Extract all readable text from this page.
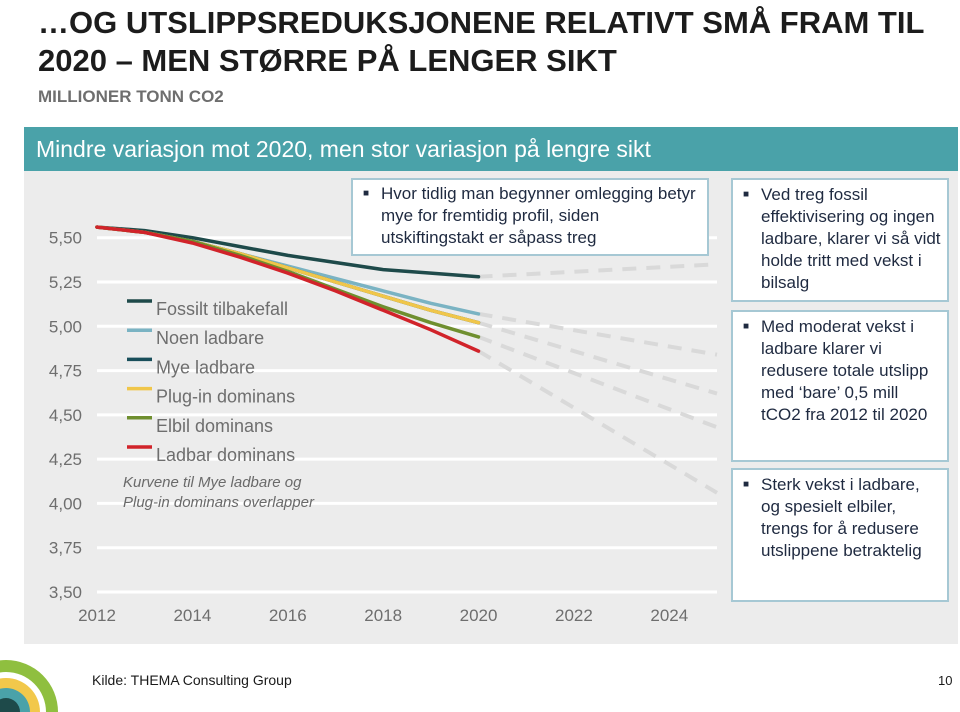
…OG UTSLIPPSREDUKSJONENE RELATIVT SMÅ FRAM TIL 2020 – MEN STØRRE PÅ LENGER SIKT
MILLIONER TONN CO2
Mindre variasjon mot 2020, men stor variasjon på lengre sikt
3,50
3,75
4,00
4,25
4,50
4,75
5,00
5,25
5,50
2012	2014	2016	2018	2020	2022	2024
Fossilt tilbakefall
Noen ladbare
Mye ladbare
Plug-in dominans
Elbil dominans
Ladbar dominans
Kurvene til Mye ladbare og Plug-in dominans overlapper
■ Hvor tidlig man begynner omlegging betyr mye for fremtidig profil, siden utskiftingstakt er såpass treg
■ Ved treg fossil effektivisering og ingen ladbare, klarer vi så vidt holde tritt med vekst i bilsalg
■ Med moderat vekst i ladbare klarer vi redusere totale utslipp med ‘bare’ 0,5 mill tCO2 fra 2012 til 2020
■ Sterk vekst i ladbare, og spesielt elbiler, trengs for å redusere utslippene betraktelig
Kilde: THEMA Consulting Group	10
